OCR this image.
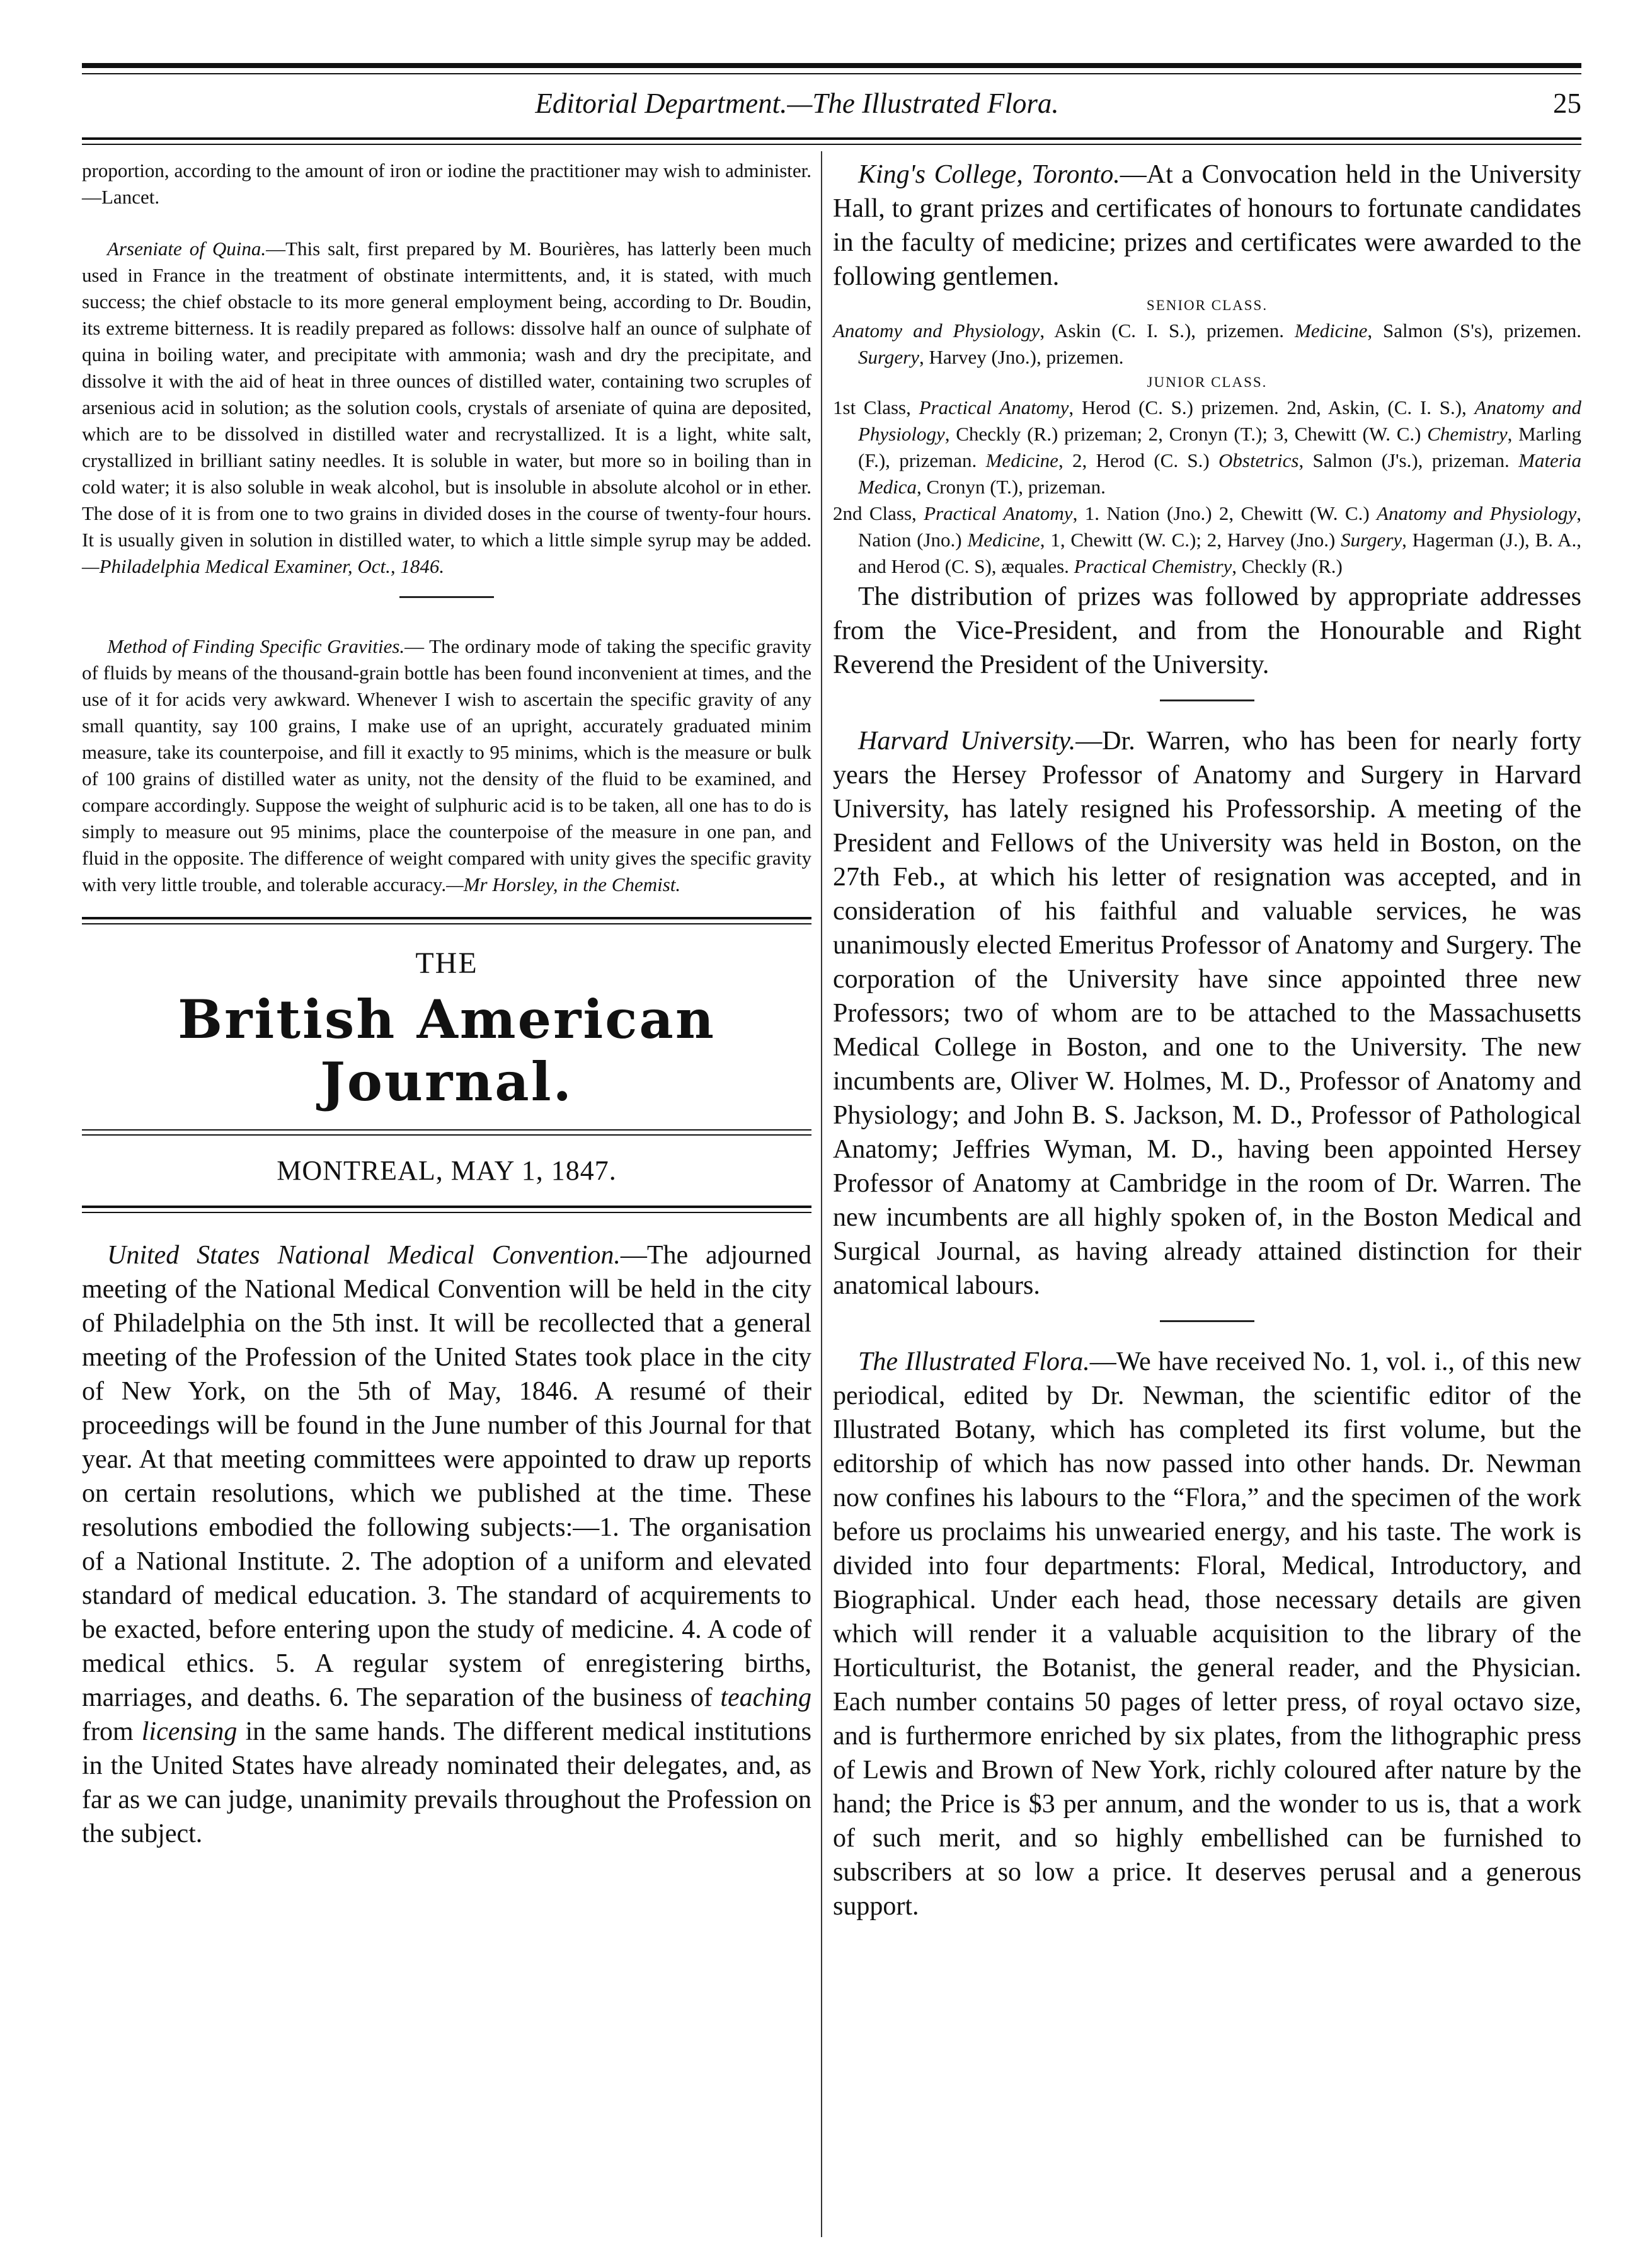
Editorial Department.—The Illustrated Flora.	25

proportion, according to the amount of iron or iodine the practitioner may wish to administer.—Lancet.

Arseniate of Quina.—This salt, first prepared by M. Bourières, has latterly been much used in France in the treatment of obstinate intermittents, and, it is stated, with much success; the chief obstacle to its more general employment being, according to Dr. Boudin, its extreme bitterness. It is readily prepared as follows: dissolve half an ounce of sulphate of quina in boiling water, and precipitate with ammonia; wash and dry the precipitate, and dissolve it with the aid of heat in three ounces of distilled water, containing two scruples of arsenious acid in solution; as the solution cools, crystals of arseniate of quina are deposited, which are to be dissolved in distilled water and recrystallized. It is a light, white salt, crystallized in brilliant satiny needles. It is soluble in water, but more so in boiling than in cold water; it is also soluble in weak alcohol, but is insoluble in absolute alcohol or in ether. The dose of it is from one to two grains in divided doses in the course of twenty-four hours. It is usually given in solution in distilled water, to which a little simple syrup may be added.—Philadelphia Medical Examiner, Oct., 1846.

Method of Finding Specific Gravities.— The ordinary mode of taking the specific gravity of fluids by means of the thousand-grain bottle has been found inconvenient at times, and the use of it for acids very awkward. Whenever I wish to ascertain the specific gravity of any small quantity, say 100 grains, I make use of an upright, accurately graduated minim measure, take its counterpoise, and fill it exactly to 95 minims, which is the measure or bulk of 100 grains of distilled water as unity, not the density of the fluid to be examined, and compare accordingly. Suppose the weight of sulphuric acid is to be taken, all one has to do is simply to measure out 95 minims, place the counterpoise of the measure in one pan, and fluid in the opposite. The difference of weight compared with unity gives the specific gravity with very little trouble, and tolerable accuracy.—Mr Horsley, in the Chemist.

THE
British American Journal.
MONTREAL, MAY 1, 1847.

United States National Medical Convention.—The adjourned meeting of the National Medical Convention will be held in the city of Philadelphia on the 5th inst. It will be recollected that a general meeting of the Profession of the United States took place in the city of New York, on the 5th of May, 1846. A resumé of their proceedings will be found in the June number of this Journal for that year. At that meeting committees were appointed to draw up reports on certain resolutions, which we published at the time. These resolutions embodied the following subjects:—1. The organisation of a National Institute. 2. The adoption of a uniform and elevated standard of medical education. 3. The standard of acquirements to be exacted, before entering upon the study of medicine. 4. A code of medical ethics. 5. A regular system of enregistering births, marriages, and deaths. 6. The separation of the business of teaching from licensing in the same hands. The different medical institutions in the United States have already nominated their delegates, and, as far as we can judge, unanimity prevails throughout the Profession on the subject.

King's College, Toronto.—At a Convocation held in the University Hall, to grant prizes and certificates of honours to fortunate candidates in the faculty of medicine; prizes and certificates were awarded to the following gentlemen.

SENIOR CLASS.
Anatomy and Physiology, Askin (C. I. S.), prizemen. Medicine, Salmon (S's), prizemen. Surgery, Harvey (Jno.), prizemen.
JUNIOR CLASS.
1st Class, Practical Anatomy, Herod (C. S.) prizemen. 2nd, Askin, (C. I. S.), Anatomy and Physiology, Checkly (R.) prizeman; 2, Cronyn (T.); 3, Chewitt (W. C.) Chemistry, Marling (F.), prizeman. Medicine, 2, Herod (C. S.) Obstetrics, Salmon (J's.), prizeman. Materia Medica, Cronyn (T.), prizeman.
2nd Class, Practical Anatomy, 1. Nation (Jno.) 2, Chewitt (W. C.) Anatomy and Physiology, Nation (Jno.) Medicine, 1, Chewitt (W. C.); 2, Harvey (Jno.) Surgery, Hagerman (J.), B. A., and Herod (C. S), æquales. Practical Chemistry, Checkly (R.)

The distribution of prizes was followed by appropriate addresses from the Vice-President, and from the Honourable and Right Reverend the President of the University.

Harvard University.—Dr. Warren, who has been for nearly forty years the Hersey Professor of Anatomy and Surgery in Harvard University, has lately resigned his Professorship. A meeting of the President and Fellows of the University was held in Boston, on the 27th Feb., at which his letter of resignation was accepted, and in consideration of his faithful and valuable services, he was unanimously elected Emeritus Professor of Anatomy and Surgery. The corporation of the University have since appointed three new Professors; two of whom are to be attached to the Massachusetts Medical College in Boston, and one to the University. The new incumbents are, Oliver W. Holmes, M. D., Professor of Anatomy and Physiology; and John B. S. Jackson, M. D., Professor of Pathological Anatomy; Jeffries Wyman, M. D., having been appointed Hersey Professor of Anatomy at Cambridge in the room of Dr. Warren. The new incumbents are all highly spoken of, in the Boston Medical and Surgical Journal, as having already attained distinction for their anatomical labours.

The Illustrated Flora.—We have received No. 1, vol. i., of this new periodical, edited by Dr. Newman, the scientific editor of the Illustrated Botany, which has completed its first volume, but the editorship of which has now passed into other hands. Dr. Newman now confines his labours to the “Flora,” and the specimen of the work before us proclaims his unwearied energy, and his taste. The work is divided into four departments: Floral, Medical, Introductory, and Biographical. Under each head, those necessary details are given which will render it a valuable acquisition to the library of the Horticulturist, the Botanist, the general reader, and the Physician. Each number contains 50 pages of letter press, of royal octavo size, and is furthermore enriched by six plates, from the lithographic press of Lewis and Brown of New York, richly coloured after nature by the hand; the Price is $3 per annum, and the wonder to us is, that a work of such merit, and so highly embellished can be furnished to subscribers at so low a price. It deserves perusal and a generous support.
